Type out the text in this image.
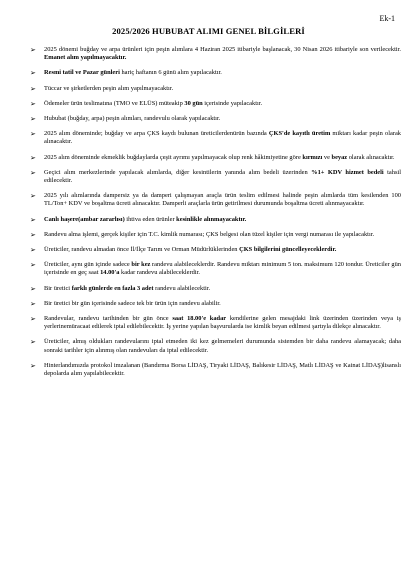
Ek-1
2025/2026 HUBUBAT ALIMI GENEL BİLGİLERİ
➢	2025 dönemi buğday ve arpa ürünleri için peşin alımlara 4 Haziran 2025 itibariyle başlanacak, 30 Nisan 2026 itibariyle son verilecektir. Emanet alım yapılmayacaktır.
➢	Resmi tatil ve Pazar günleri hariç haftanın 6 günü alım yapılacaktır.
➢	Tüccar ve şirketlerden peşin alım yapılmayacaktır.
➢	Ödemeler ürün teslimatına (TMO ve ELÜS) müteakip 30 gün içerisinde yapılacaktır.
➢	Hububat (buğday, arpa) peşin alımları, randevulu olarak yapılacaktır.
➢	2025 alım döneminde; buğday ve arpa ÇKS kaydı bulunan üreticilerdenürün bazında ÇKS'de kayıtlı üretim miktarı kadar peşin olarak alınacaktır.
➢	2025 alım döneminde ekmeklik buğdaylarda çeşit ayrımı yapılmayacak olup renk hâkimiyetine göre kırmızı ve beyaz olarak alınacaktır.
➢	Geçici alım merkezlerinde yapılacak alımlarda, diğer kesintilerin yanında alım bedeli üzerinden %1+ KDV hizmet bedeli tahsil edilecektir.
➢	2025 yılı alımlarında dampersiz ya da damperi çalışmayan araçla ürün teslim edilmesi halinde peşin alımlarda tüm kesilenden 100 TL/Ton+ KDV ve boşaltma ücreti alınacaktır. Damperli araçlarla ürün getirilmesi durumunda boşaltma ücreti alınmayacaktır.
➢	Canlı haşere(ambar zararlısı) ihtiva eden ürünler kesinlikle alınmayacaktır.
➢	Randevu alma işlemi, gerçek kişiler için T.C. kimlik numarası; ÇKS belgesi olan tüzel kişiler için vergi numarası ile yapılacaktır.
➢	Üreticiler, randevu almadan önce İl/İlçe Tarım ve Orman Müdürlüklerinden ÇKS bilgilerini güncelleyeceklerdir.
➢	Üreticiler, aynı gün içinde sadece bir kez randevu alabileceklerdir. Randevu miktarı minimum 5 ton. maksimum 120 tondur. Üreticiler gün içerisinde en geç saat 14.00'a kadar randevu alabileceklerdir.
➢	Bir üretici farklı günlerde en fazla 3 adet randevu alabilecektir.
➢	Bir üretici bir gün içerisinde sadece tek bir ürün için randevu alabilir.
➢	Randevular, randevu tarihinden bir gün önce saat 18.00'e kadar kendilerine gelen mesajdaki link üzerinden üzerinden veya iş yerlerinemüracaat edilerek iptal edilebilecektir. İş yerine yapılan başvurularda ise kimlik beyan edilmesi şartıyla dilekçe alınacaktır.
➢	Üreticiler, almış oldukları randevularını iptal etmeden iki kez gelmemeleri durumunda sistemden bir daha randevu alamayacak; daha sonraki tarihler için alınmış olan randevuları da iptal edilecektir.
➢	Hinterlandımızda protokol imzalanan (Bandırma Borsa LİDAŞ, Tiryaki LİDAŞ, Balıkesir LİDAŞ, Matlı LİDAŞ ve Kainat LİDAŞ)lisanslı depolarda alım yapılabilecektir.
